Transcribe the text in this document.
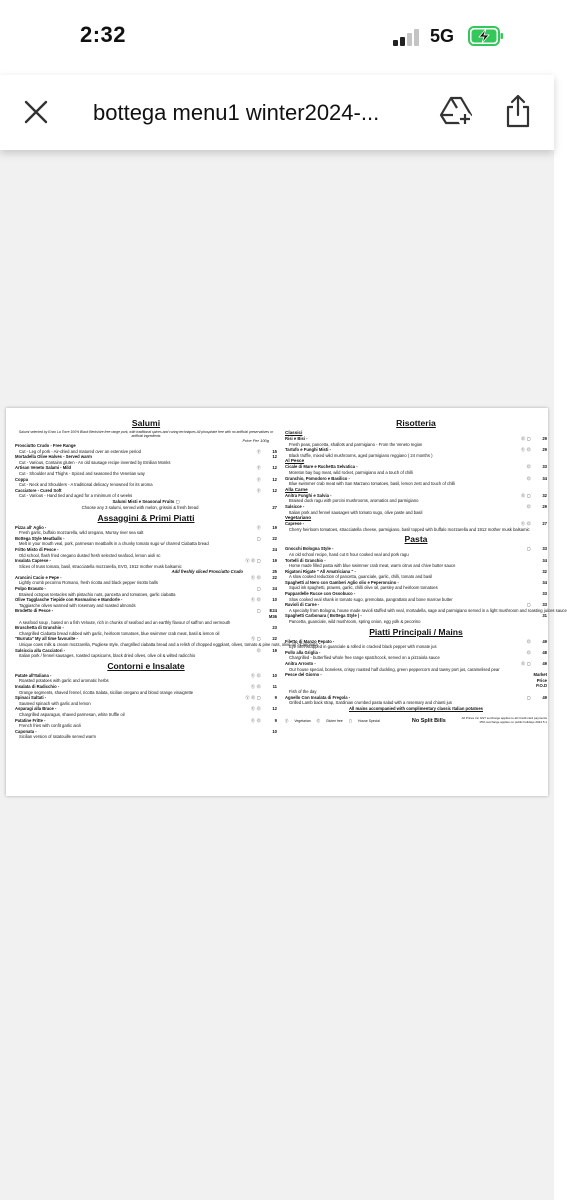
2:32	5G
bottega menu1 winter2024-...
Salumi
Salumi selected by Enzo La Torre 100% Black Berkshire free range pork, with traditional spices and curing techniques All phosphate free with no artificial preservatives or artificial ingredients
Price Per 100g
Prosciutto Crudo - Free Range
Cut - Leg of pork - Air-dried and matured over an extensive period	Ⓥ	15
Mortadella Olive Halves - Served warm	12
Cut - Various, Contains gluten - An old sausage recipe invented by Emilian Monks
Artisan Veneto Salami - Mild	Ⓥ	12
Cut - Shoulder and Thighs - Spiced and seasoned the Venetian way
Coppa	Ⓥ	12
Cut - Neck and Shoulders - A traditional delicacy renowned for its aroma
Cacciatore - Cured Soft	Ⓥ	12
Cut - Various - Hand tied and aged for a minimum of 4 weeks
Salumi Misti e Seasonal Fruits ▢
Choose any 3 salumi, served with melon, grissini & fresh bread	27
Assaggini & Primi Piatti
Pizza all' Aglio -	Ⓥ	19
Fresh garlic, buffalo mozzarella, wild oregano, Murray river sea salt
Bottega Style Meatballs -	▢	22
Melt in your mouth veal, pork, parmesan meatballs in a chunky tomato sugo w/ charred Ciabatta bread
Fritto Misto di Pesce -	24
Old school, flash fried oregano dusted fresh selected seafood, lemon aioli sc
Insalata Caprese -	Ⓥ Ⓖ ▢	19
Slices of truss tomato, basil, stracciatella mozzarella, EVO, 1912 mother musk balsamic
Add freshly sliced Prosciutto Crudo	25
Arancini Cacio e Pepe -	Ⓥ Ⓖ	22
Lightly crumb pecorino Romano, fresh ricotta and black pepper risotto balls
Polpo Brasato -	▢	24
Braised octopus tentacles with pistachio nuts, pancetta and tomatoes, garlic ciabatta
Olive Tagglasche Tiepide con Rosmarino e Mandorle -	Ⓥ Ⓖ	10
Taggiasche olives warmed with rosemary and roasted almonds
Brodetto di Pesce -	▢	E24 M36
A seafood soup , based on a fish Veloute, rich in chunks of seafood and an earthly flavour of saffron and vermouth
Bruschetta di Granchio -	23
Chargrilled Ciabatta bread rubbed with garlic, heirloom tomatoes, blue swimmer crab meat, basil & lemon oil
"Burrata" My all time favourite -	Ⓥ ▢	22
Unique cows milk & cream mozzarella, Pugliese style, chargrilled ciabatta bread and a relish of chopped eggplant, olives, tomato & pine nuts, olive oil " Caponata "
Salsiccia alla Cacciatori -	Ⓖ	19
Italian pork / fennel sausages, roasted capsicums, black dried olives, olive oil & wilted radicchio
Contorni e Insalate
Patate all'Italiana -	Ⓥ Ⓖ	10
Roasted potatoes with garlic and aromatic herbs
Insalata di Radicchio -	Ⓥ Ⓖ	11
Orange segments, shaved fennel, ricotta Salata, sicilian oregano and blood orange vinaigrette
Spinaci Saltati -	Ⓥ Ⓖ ▢	9
Sauteed spinach with garlic and lemon
Asparagi alla Brace -	Ⓥ Ⓖ	12
Chargrilled asparagus, shaved parmesan, white truffle oil
Patatine Fritte -	Ⓥ Ⓖ	9
French fries with confit garlic aioli
Caponata -	10
Sicilian version of ratatouille served warm
Risotteria
Classici
Risi e Bisi -	Ⓖ ▢	29
Fresh peas, pancetta, shallots and parmigiano - From the Veneto region
Tartufo e Funghi Misti -	Ⓥ Ⓖ	29
Black truffle, mixed wild mushrooms, aged parmigiano reggiano ( 24 months )
Al Pesce
Cicale di Mare e Ruchetta Selvatica -	Ⓖ	33
Moreton bay bug meat, wild rocket, parmigiano and a touch of chilli
Granchio, Pomodoro e Basilico -	Ⓖ	34
Blue swimmer crab meat with San Marzano tomatoes, basil, lemon zest and touch of chilli
Alla Carne
Anitra Funghi e Salvia -	Ⓖ ▢	32
Braised duck ragu with porcini mushrooms, aromatics and parmigiano
Salsicce -	Ⓖ	29
Italian pork and fennel sausages with tomato sugo, olive paste and basil
Vegetariano
Caprese -	Ⓥ Ⓖ	27
Cherry heirloom tomatoes, stracciatella cheese, parmigiano, basil topped with buffalo mozzarella and 1912 mother musk balsamic
Pasta
Gnocchi Bologna Style -	▢	33
An old school recipe, hand cut 6 hour cooked veal and pork ragu
Tortelli di Granchio -	34
Home made filled pasta with blue swimmer crab meat, warm citrus and chive butter sauce
Rigatoni Rigate " All Amatriciana " -	32
A slow cooked reduction of pancetta, guanciale, garlic, chilli, tomato and basil
Spaghetti al Nero con Gamberi Aglio olio e Peperoncino -	34
Squid ink spaghetti, prawns, garlic, chilli olive oil, parsley and heirloom tomatoes
Pappardelle Rucce con Ossobuco -	33
Slow cooked veal shank in tomato sugo, gremolata, pangrattato and bone marrow butter
Ravioli di Carne -	▢	33
A specialty from Bologna, house made ravioli stuffed with veal, mortadella, sage and parmigiano served in a light mushroom and roasting juices sauce
Spaghetti Carbonara ( Bottega Style ) -	31
Pancetta, guanciale, wild mushroom, spring onion, egg yolk & pecorino
Piatti Principali / Mains
Filetto di Manzo Pepato -	Ⓖ	49
Eye fillet wrapped in guanciale & rolled in cracked black pepper with monate jus
Pollo alla Griglia -	Ⓖ	48
Chargrilled - butterflied whole free range spatchcock, served on a pizzaiola sauce
Anitra Arrosto -	Ⓖ ▢	49
Our house special, boneless, crispy roasted half duckling, green peppercorn and tawny port jus, caramelised pear
Pesce del Giorno -	Market Price P.O.D
Fish of the day
Agnello Con Insalata di Fregola -	▢	49
Grilled Lamb back strap, Sardinian crumbed pasta salad with a rosemary and chianti jus
All mains accompanied with complimentary classic Italian potatoes
Ⓥ Vegetarian Ⓖ Gluten free ▢ House Special	No Split Bills	All Prices Inc GST surcharge applies to all Credit card payments 15% surcharge applies on public holidays 2024.5.1
